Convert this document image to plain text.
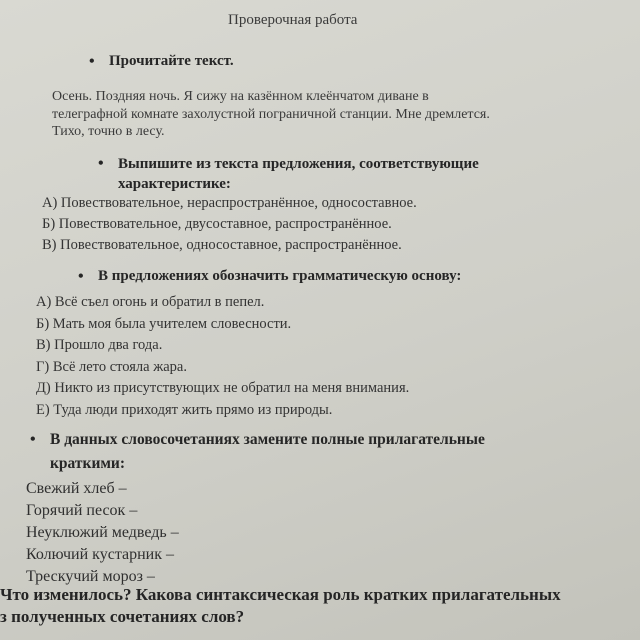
Проверочная работа
• Прочитайте текст.
Осень. Поздняя ночь. Я сижу на казённом клеёнчатом диване в
телеграфной комнате захолустной пограничной станции. Мне дремлется.
Тихо, точно в лесу.
• Выпишите из текста предложения, соответствующие
характеристике:
А) Повествовательное, нераспространённое, односоставное.
Б) Повествовательное, двусоставное, распространённое.
В) Повествовательное, односоставное, распространённое.
• В предложениях обозначить грамматическую основу:
А) Всё съел огонь и обратил в пепел.
Б) Мать моя была учителем словесности.
В) Прошло два года.
Г) Всё лето стояла жара.
Д) Никто из присутствующих не обратил на меня внимания.
Е) Туда люди приходят жить прямо из природы.
• В данных словосочетаниях замените полные прилагательные
краткими:
Свежий хлеб –
Горячий песок –
Неуклюжий медведь –
Колючий кустарник –
Трескучий мороз –
Что изменилось? Какова синтаксическая роль кратких прилагательных
з полученных сочетаниях слов?
